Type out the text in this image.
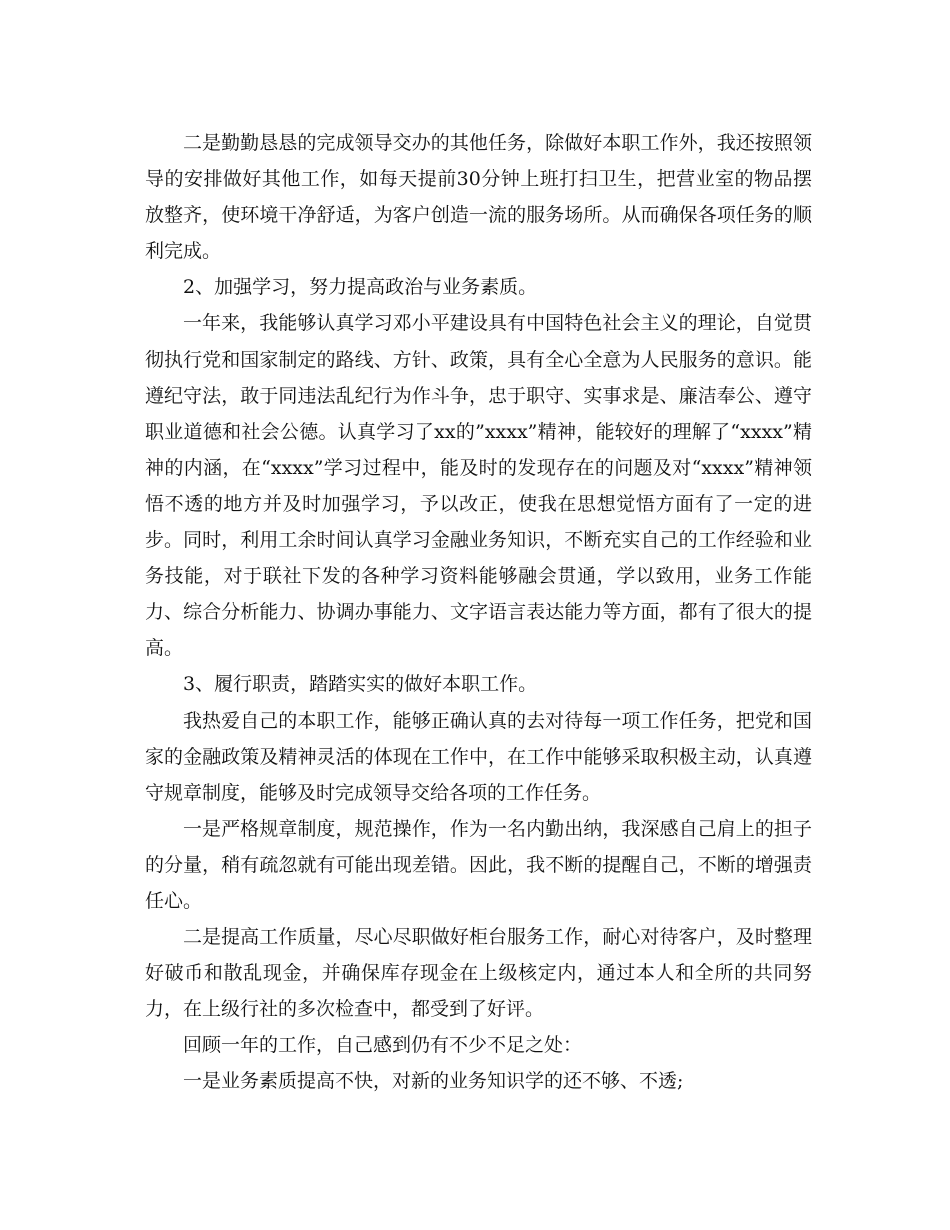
二是勤勤恳恳的完成领导交办的其他任务，除做好本职工作外，我还按照领导的安排做好其他工作，如每天提前30分钟上班打扫卫生，把营业室的物品摆放整齐，使环境干净舒适，为客户创造一流的服务场所。从而确保各项任务的顺利完成。

2、加强学习，努力提高政治与业务素质。

一年来，我能够认真学习邓小平建设具有中国特色社会主义的理论，自觉贯彻执行党和国家制定的路线、方针、政策，具有全心全意为人民服务的意识。能遵纪守法，敢于同违法乱纪行为作斗争，忠于职守、实事求是、廉洁奉公、遵守职业道德和社会公德。认真学习了xx的”xxxx”精神，能较好的理解了“xxxx”精神的内涵，在“xxxx”学习过程中，能及时的发现存在的问题及对“xxxx”精神领悟不透的地方并及时加强学习，予以改正，使我在思想觉悟方面有了一定的进步。同时，利用工余时间认真学习金融业务知识，不断充实自己的工作经验和业务技能，对于联社下发的各种学习资料能够融会贯通，学以致用，业务工作能力、综合分析能力、协调办事能力、文字语言表达能力等方面，都有了很大的提高。

3、履行职责，踏踏实实的做好本职工作。

我热爱自己的本职工作，能够正确认真的去对待每一项工作任务，把党和国家的金融政策及精神灵活的体现在工作中，在工作中能够采取积极主动，认真遵守规章制度，能够及时完成领导交给各项的工作任务。

一是严格规章制度，规范操作，作为一名内勤出纳，我深感自己肩上的担子的分量，稍有疏忽就有可能出现差错。因此，我不断的提醒自己，不断的增强责任心。

二是提高工作质量，尽心尽职做好柜台服务工作，耐心对待客户，及时整理好破币和散乱现金，并确保库存现金在上级核定内，通过本人和全所的共同努力，在上级行社的多次检查中，都受到了好评。

回顾一年的工作，自己感到仍有不少不足之处：

一是业务素质提高不快，对新的业务知识学的还不够、不透;
